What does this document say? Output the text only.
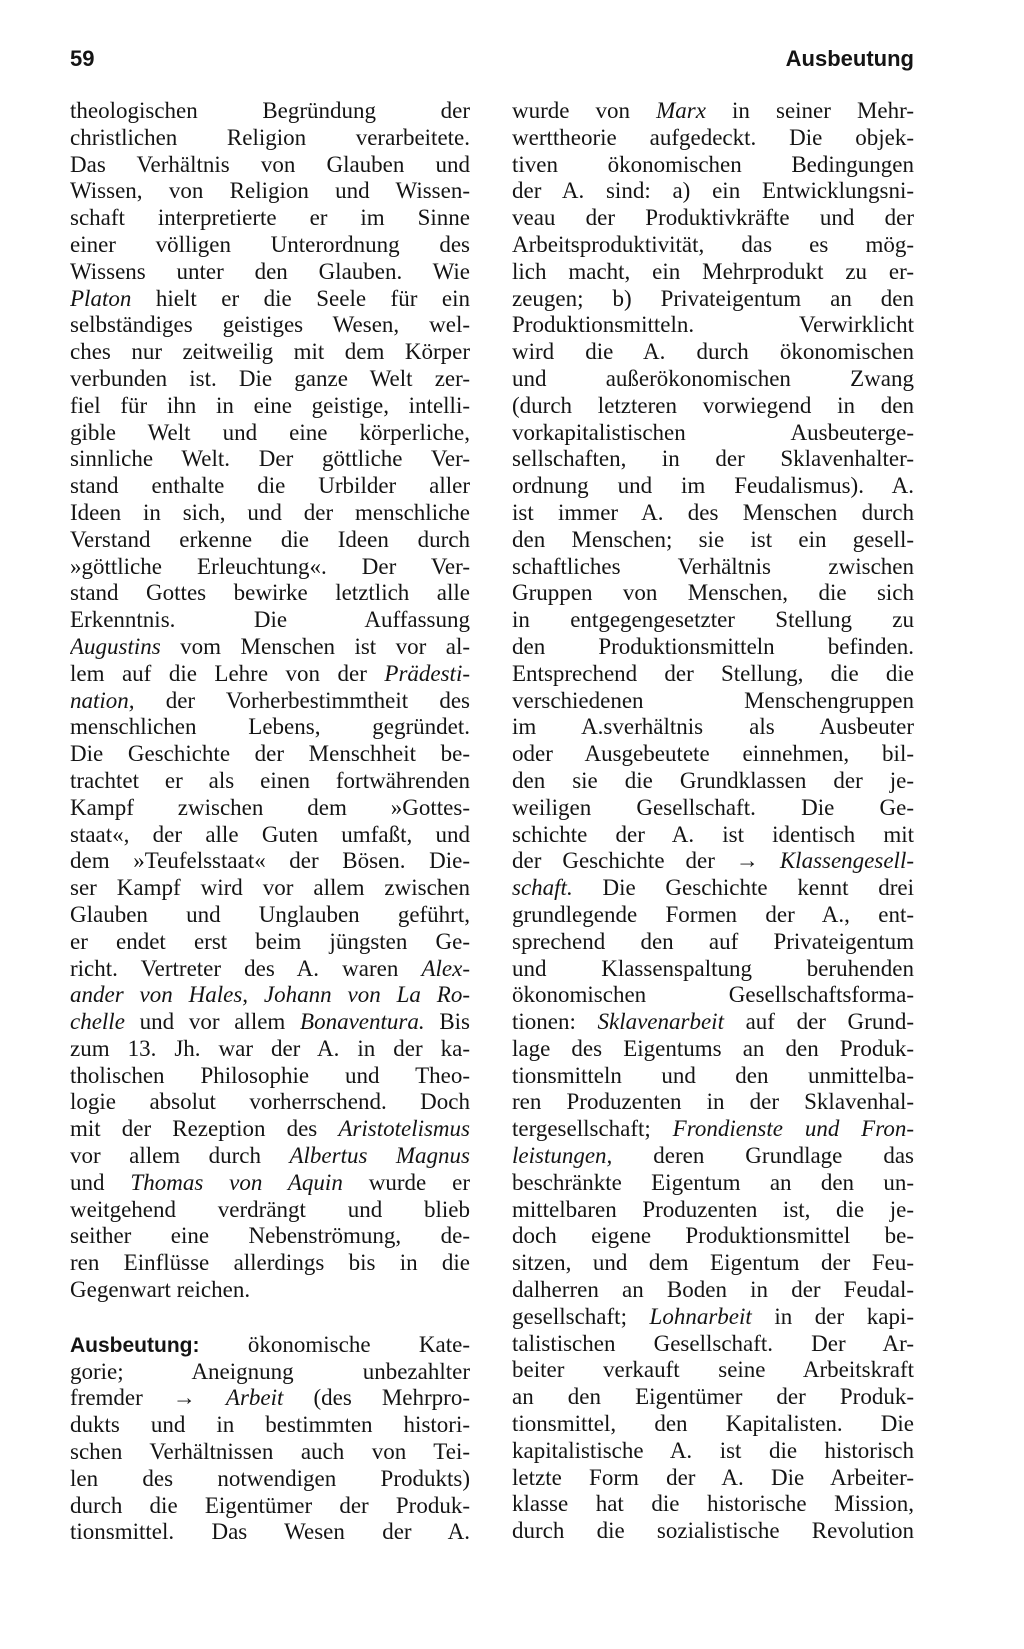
59	Ausbeutung
theologischen Begründung der
christlichen Religion verarbeitete.
Das Verhältnis von Glauben und
Wissen, von Religion und Wissen-
schaft interpretierte er im Sinne
einer völligen Unterordnung des
Wissens unter den Glauben. Wie
Platon hielt er die Seele für ein
selbständiges geistiges Wesen, wel-
ches nur zeitweilig mit dem Körper
verbunden ist. Die ganze Welt zer-
fiel für ihn in eine geistige, intelli-
gible Welt und eine körperliche,
sinnliche Welt. Der göttliche Ver-
stand enthalte die Urbilder aller
Ideen in sich, und der menschliche
Verstand erkenne die Ideen durch
»göttliche Erleuchtung«. Der Ver-
stand Gottes bewirke letztlich alle
Erkenntnis. Die Auffassung
Augustins vom Menschen ist vor al-
lem auf die Lehre von der Prädesti-
nation, der Vorherbestimmtheit des
menschlichen Lebens, gegründet.
Die Geschichte der Menschheit be-
trachtet er als einen fortwährenden
Kampf zwischen dem »Gottes-
staat«, der alle Guten umfaßt, und
dem »Teufelsstaat« der Bösen. Die-
ser Kampf wird vor allem zwischen
Glauben und Unglauben geführt,
er endet erst beim jüngsten Ge-
richt. Vertreter des A. waren Alex-
ander von Hales, Johann von La Ro-
chelle und vor allem Bonaventura. Bis
zum 13. Jh. war der A. in der ka-
tholischen Philosophie und Theo-
logie absolut vorherrschend. Doch
mit der Rezeption des Aristotelismus
vor allem durch Albertus Magnus
und Thomas von Aquin wurde er
weitgehend verdrängt und blieb
seither eine Nebenströmung, de-
ren Einflüsse allerdings bis in die
Gegenwart reichen.
Ausbeutung: ökonomische Kate-
gorie; Aneignung unbezahlter
fremder → Arbeit (des Mehrpro-
dukts und in bestimmten histori-
schen Verhältnissen auch von Tei-
len des notwendigen Produkts)
durch die Eigentümer der Produk-
tionsmittel. Das Wesen der A.
wurde von Marx in seiner Mehr-
werttheorie aufgedeckt. Die objek-
tiven ökonomischen Bedingungen
der A. sind: a) ein Entwicklungsni-
veau der Produktivkräfte und der
Arbeitsproduktivität, das es mög-
lich macht, ein Mehrprodukt zu er-
zeugen; b) Privateigentum an den
Produktionsmitteln. Verwirklicht
wird die A. durch ökonomischen
und außerökonomischen Zwang
(durch letzteren vorwiegend in den
vorkapitalistischen Ausbeuterge-
sellschaften, in der Sklavenhalter-
ordnung und im Feudalismus). A.
ist immer A. des Menschen durch
den Menschen; sie ist ein gesell-
schaftliches Verhältnis zwischen
Gruppen von Menschen, die sich
in entgegengesetzter Stellung zu
den Produktionsmitteln befinden.
Entsprechend der Stellung, die die
verschiedenen Menschengruppen
im A.sverhältnis als Ausbeuter
oder Ausgebeutete einnehmen, bil-
den sie die Grundklassen der je-
weiligen Gesellschaft. Die Ge-
schichte der A. ist identisch mit
der Geschichte der → Klassengesell-
schaft. Die Geschichte kennt drei
grundlegende Formen der A., ent-
sprechend den auf Privateigentum
und Klassenspaltung beruhenden
ökonomischen Gesellschaftsforma-
tionen: Sklavenarbeit auf der Grund-
lage des Eigentums an den Produk-
tionsmitteln und den unmittelba-
ren Produzenten in der Sklavenhal-
tergesellschaft; Frondienste und Fron-
leistungen, deren Grundlage das
beschränkte Eigentum an den un-
mittelbaren Produzenten ist, die je-
doch eigene Produktionsmittel be-
sitzen, und dem Eigentum der Feu-
dalherren an Boden in der Feudal-
gesellschaft; Lohnarbeit in der kapi-
talistischen Gesellschaft. Der Ar-
beiter verkauft seine Arbeitskraft
an den Eigentümer der Produk-
tionsmittel, den Kapitalisten. Die
kapitalistische A. ist die historisch
letzte Form der A. Die Arbeiter-
klasse hat die historische Mission,
durch die sozialistische Revolution
